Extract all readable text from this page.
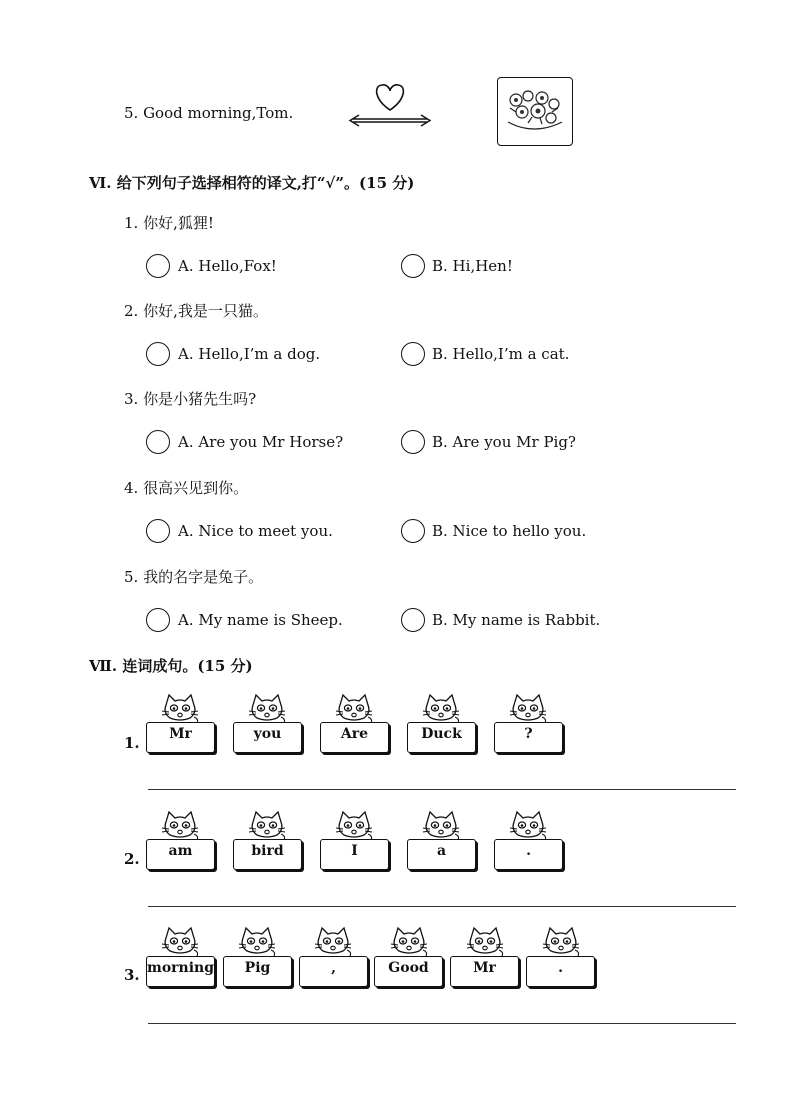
5. Good morning,Tom.
Ⅵ. 给下列句子选择相符的译文,打“√”。(15 分)
1. 你好,狐狸!
A. Hello,Fox!	B. Hi,Hen!
2. 你好,我是一只猫。
A. Hello,I’m a dog.	B. Hello,I’m a cat.
3. 你是小猪先生吗?
A. Are you Mr Horse?	B. Are you Mr Pig?
4. 很高兴见到你。
A. Nice to meet you.	B. Nice to hello you.
5. 我的名字是兔子。
A. My name is Sheep.	B. My name is Rabbit.
Ⅶ. 连词成句。(15 分)
1.	Mr	you	Are	Duck	?
2.	am	bird	I	a	.
3. morning	Pig	,	Good	Mr	.
